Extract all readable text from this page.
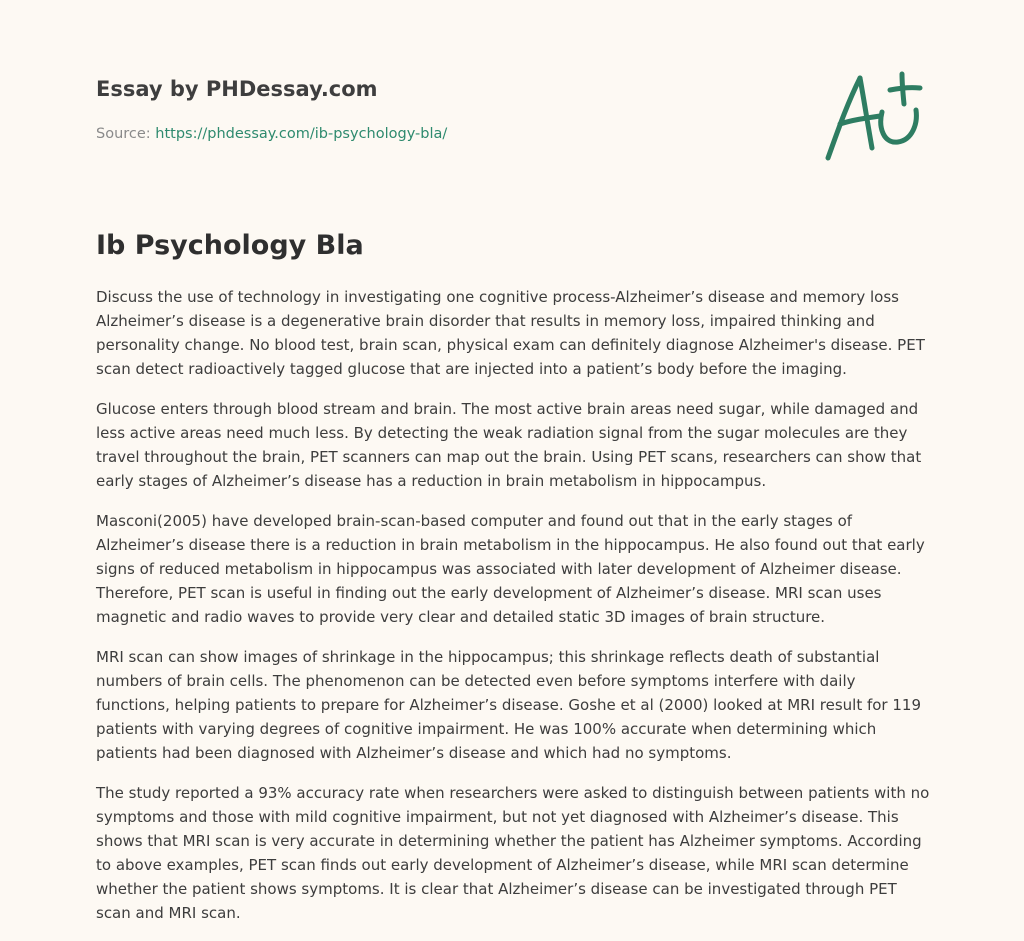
Essay by PHDessay.com
Source: https://phdessay.com/ib-psychology-bla/
Ib Psychology Bla

Discuss the use of technology in investigating one cognitive process-Alzheimer’s disease and memory loss Alzheimer’s disease is a degenerative brain disorder that results in memory loss, impaired thinking and personality change. No blood test, brain scan, physical exam can definitely diagnose Alzheimer's disease. PET scan detect radioactively tagged glucose that are injected into a patient’s body before the imaging.

Glucose enters through blood stream and brain. The most active brain areas need sugar, while damaged and less active areas need much less. By detecting the weak radiation signal from the sugar molecules are they travel throughout the brain, PET scanners can map out the brain. Using PET scans, researchers can show that early stages of Alzheimer’s disease has a reduction in brain metabolism in hippocampus.

Masconi(2005) have developed brain-scan-based computer and found out that in the early stages of Alzheimer’s disease there is a reduction in brain metabolism in the hippocampus. He also found out that early signs of reduced metabolism in hippocampus was associated with later development of Alzheimer disease. Therefore, PET scan is useful in finding out the early development of Alzheimer’s disease. MRI scan uses magnetic and radio waves to provide very clear and detailed static 3D images of brain structure.

MRI scan can show images of shrinkage in the hippocampus; this shrinkage reflects death of substantial numbers of brain cells. The phenomenon can be detected even before symptoms interfere with daily functions, helping patients to prepare for Alzheimer’s disease. Goshe et al (2000) looked at MRI result for 119 patients with varying degrees of cognitive impairment. He was 100% accurate when determining which patients had been diagnosed with Alzheimer’s disease and which had no symptoms.

The study reported a 93% accuracy rate when researchers were asked to distinguish between patients with no symptoms and those with mild cognitive impairment, but not yet diagnosed with Alzheimer’s disease. This shows that MRI scan is very accurate in determining whether the patient has Alzheimer symptoms. According to above examples, PET scan finds out early development of Alzheimer’s disease, while MRI scan determine whether the patient shows symptoms. It is clear that Alzheimer’s disease can be investigated through PET scan and MRI scan.
